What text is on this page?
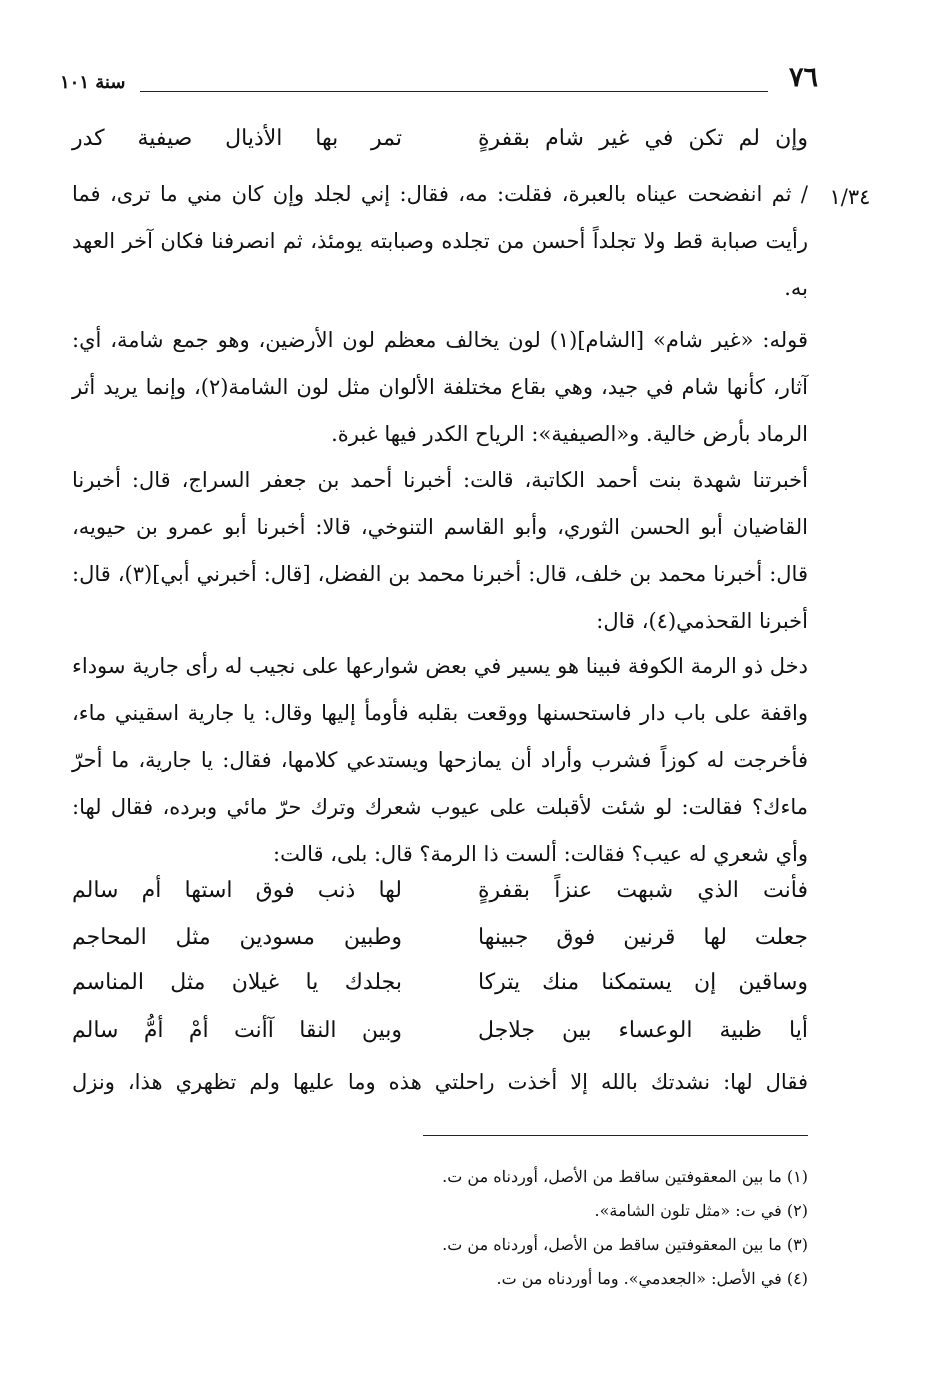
٧٦
سنة ١٠١
١/٣٤
وإن لم تكن في غير شام بقفرةٍ
تمر بها الأذيال صيفية كدر

/ ثم انفضحت عيناه بالعبرة، فقلت: مه، فقال: إني لجلد وإن كان مني ما ترى، فما رأيت صبابة قط ولا تجلداً أحسن من تجلده وصبابته يومئذ، ثم انصرفنا فكان آخر العهد به.

قوله: «غير شام» [الشام](١) لون يخالف معظم لون الأرضين، وهو جمع شامة، أي: آثار، كأنها شام في جيد، وهي بقاع مختلفة الألوان مثل لون الشامة(٢)، وإنما يريد أثر الرماد بأرض خالية. و«الصيفية»: الرياح الكدر فيها غبرة.

أخبرتنا شهدة بنت أحمد الكاتبة، قالت: أخبرنا أحمد بن جعفر السراج، قال: أخبرنا القاضيان أبو الحسن الثوري، وأبو القاسم التنوخي، قالا: أخبرنا أبو عمرو بن حيويه، قال: أخبرنا محمد بن خلف، قال: أخبرنا محمد بن الفضل، [قال: أخبرني أبي](٣)، قال: أخبرنا القحذمي(٤)، قال:

دخل ذو الرمة الكوفة فبينا هو يسير في بعض شوارعها على نجيب له رأى جارية سوداء واقفة على باب دار فاستحسنها ووقعت بقلبه فأومأ إليها وقال: يا جارية اسقيني ماء، فأخرجت له كوزاً فشرب وأراد أن يمازحها ويستدعي كلامها، فقال: يا جارية، ما أحرّ ماءك؟ فقالت: لو شئت لأقبلت على عيوب شعرك وترك حرّ مائي وبرده، فقال لها: وأي شعري له عيب؟ فقالت: ألست ذا الرمة؟ قال: بلى، قالت:

فأنت الذي شبهت عنزاً بقفرةٍ
لها ذنب فوق استها أم سالم
جعلت لها قرنين فوق جبينها
وطبين مسودين مثل المحاجم
وساقين إن يستمكنا منك يتركا
بجلدك يا غيلان مثل المناسم
أيا ظبية الوعساء بين جلاجل
وبين النقا آأنت أمْ أمُّ سالم

فقال لها: نشدتك بالله إلا أخذت راحلتي هذه وما عليها ولم تظهري هذا، ونزل

(١) ما بين المعقوفتين ساقط من الأصل، أوردناه من ت.
(٢) في ت: «مثل تلون الشامة».
(٣) ما بين المعقوفتين ساقط من الأصل، أوردناه من ت.
(٤) في الأصل: «الجعدمي». وما أوردناه من ت.
